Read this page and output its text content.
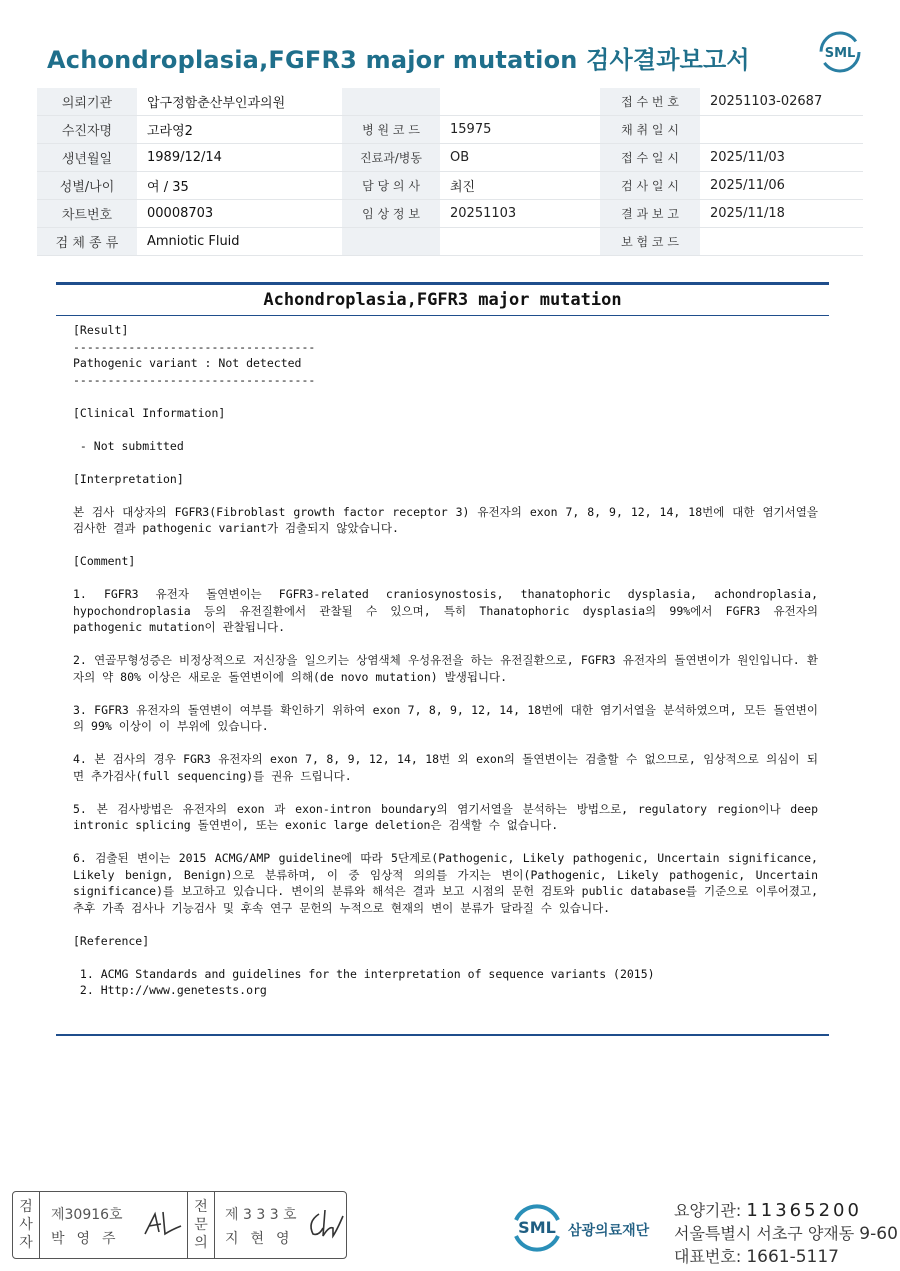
Achondroplasia,FGFR3 major mutation 검사결과보고서	SML
의뢰기관	압구정함춘산부인과의원			접 수 번 호	20251103-02687
수진자명	고라영2	병 원 코 드	15975	채 취 일 시	
생년월일	1989/12/14	진료과/병동	OB	접 수 일 시	2025/11/03
성별/나이	여 / 35	담 당 의 사	최진	검 사 일 시	2025/11/06
차트번호	00008703	임 상 정 보	20251103	결 과 보 고	2025/11/18
검 체 종 류	Amniotic Fluid			보 험 코 드	
Achondroplasia,FGFR3 major mutation
[Result]
-----------------------------------
Pathogenic variant : Not detected
-----------------------------------
[Clinical Information]
- Not submitted
[Interpretation]
본 검사 대상자의 FGFR3(Fibroblast growth factor receptor 3) 유전자의 exon 7, 8, 9, 12, 14, 18번에 대한 염기서열을 검사한 결과 pathogenic variant가 검출되지 않았습니다.
[Comment]
1. FGFR3 유전자 돌연변이는 FGFR3-related craniosynostosis, thanatophoric dysplasia, achondroplasia, hypochondroplasia 등의 유전질환에서 관찰될 수 있으며, 특히 Thanatophoric dysplasia의 99%에서 FGFR3 유전자의 pathogenic mutation이 관찰됩니다.
2. 연골무형성증은 비정상적으로 저신장을 일으키는 상염색체 우성유전을 하는 유전질환으로, FGFR3 유전자의 돌연변이가 원인입니다. 환자의 약 80% 이상은 새로운 돌연변이에 의해(de novo mutation) 발생됩니다.
3. FGFR3 유전자의 돌연변이 여부를 확인하기 위하여 exon 7, 8, 9, 12, 14, 18번에 대한 염기서열을 분석하였으며, 모든 돌연변이의 99% 이상이 이 부위에 있습니다.
4. 본 검사의 경우 FGR3 유전자의 exon 7, 8, 9, 12, 14, 18번 외 exon의 돌연변이는 검출할 수 없으므로, 임상적으로 의심이 되면 추가검사(full sequencing)를 권유 드립니다.
5. 본 검사방법은 유전자의 exon 과 exon-intron boundary의 염기서열을 분석하는 방법으로, regulatory region이나 deep intronic splicing 돌연변이, 또는 exonic large deletion은 검색할 수 없습니다.
6. 검출된 변이는 2015 ACMG/AMP guideline에 따라 5단계로(Pathogenic, Likely pathogenic, Uncertain significance, Likely benign, Benign)으로 분류하며, 이 중 임상적 의의를 가지는 변이(Pathogenic, Likely pathogenic, Uncertain significance)를 보고하고 있습니다. 변이의 분류와 해석은 결과 보고 시점의 문헌 검토와 public database를 기준으로 이루어졌고, 추후 가족 검사나 기능검사 및 후속 연구 문헌의 누적으로 현재의 변이 분류가 달라질 수 있습니다.
[Reference]
1. ACMG Standards and guidelines for the interpretation of sequence variants (2015)
2. Http://www.genetests.org
검
사
자
제30916호
박영주
전
문
의
제 3 3 3 호
지현영
SML 삼광의료재단
요양기관: 11365200
서울특별시 서초구 양재동 9-60
대표번호: 1661-5117
